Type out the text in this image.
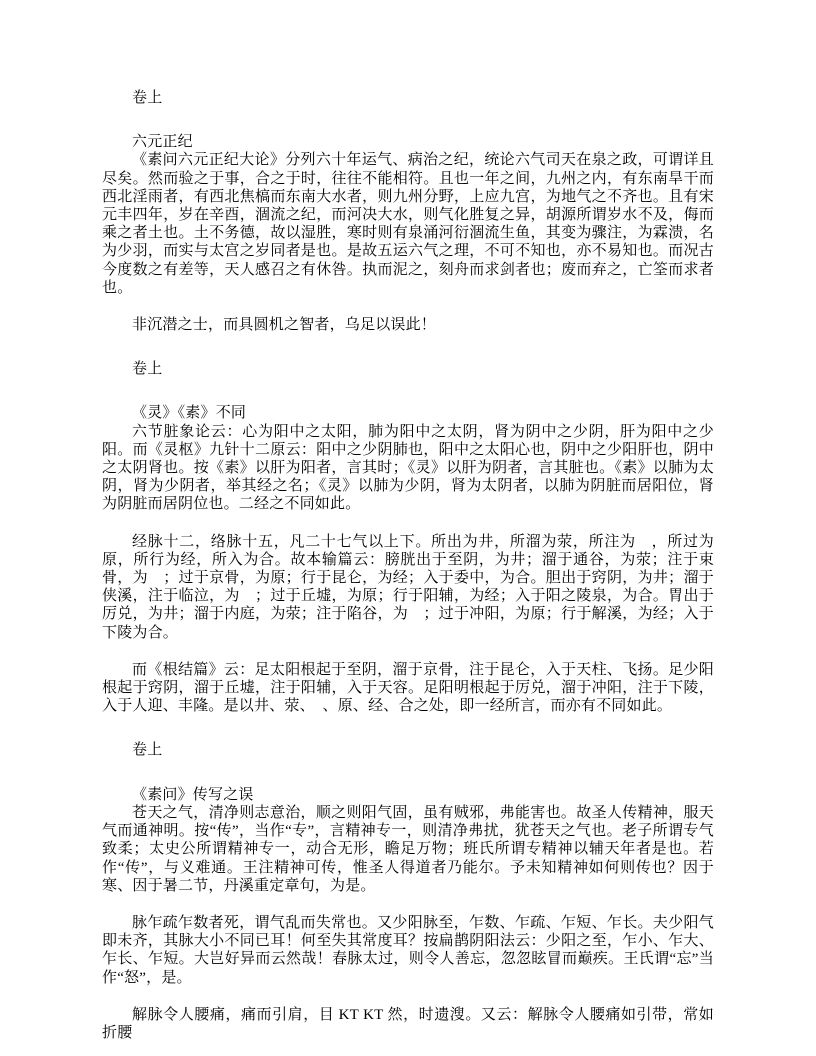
卷上

六元正纪

《素问六元正纪大论》分列六十年运气、病治之纪，统论六气司天在泉之政，可谓详且尽矣。然而验之于事，合之于时，往往不能相符。且也一年之间，九州之内，有东南旱干而西北淫雨者，有西北焦槁而东南大水者，则九州分野，上应九宫，为地气之不齐也。且有宋元丰四年，岁在辛酉，涸流之纪，而河决大水，则气化胜复之异，胡源所谓岁水不及，侮而乘之者土也。土不务德，故以湿胜，寒时则有泉涌河衍涸流生鱼，其变为骤注，为霖溃，名为少羽，而实与太宫之岁同者是也。是故五运六气之理，不可不知也，亦不易知也。而况古今度数之有差等，天人感召之有休咎。执而泥之，刻舟而求剑者也；废而弃之，亡筌而求者也。

非沉潜之士，而具圆机之智者，乌足以误此！

卷上

《灵》《素》不同

六节脏象论云：心为阳中之太阳，肺为阳中之太阴，肾为阴中之少阴，肝为阳中之少阳。而《灵枢》九针十二原云：阳中之少阴肺也，阳中之太阳心也，阴中之少阳肝也，阴中之太阴肾也。按《素》以肝为阳者，言其时；《灵》以肝为阴者，言其脏也。《素》以肺为太阴，肾为少阴者，举其经之名；《灵》以肺为少阴，肾为太阴者，以肺为阴脏而居阳位，肾为阴脏而居阴位也。二经之不同如此。

经脉十二，络脉十五，凡二十七气以上下。所出为井，所溜为荥，所注为　，所过为原，所行为经，所入为合。故本输篇云：膀胱出于至阴，为井；溜于通谷，为荥；注于束骨，为　；过于京骨，为原；行于昆仑，为经；入于委中，为合。胆出于窍阴，为井；溜于侠溪，注于临泣，为　；过于丘墟，为原；行于阳辅，为经；入于阳之陵泉，为合。胃出于厉兑，为井；溜于内庭，为荥；注于陷谷，为　；过于冲阳，为原；行于解溪，为经；入于下陵为合。

而《根结篇》云：足太阳根起于至阴，溜于京骨，注于昆仑，入于天柱、飞扬。足少阳根起于窍阴，溜于丘墟，注于阳辅，入于天容。足阳明根起于厉兑，溜于冲阳，注于下陵，入于人迎、丰隆。是以井、荥、　、原、经、合之处，即一经所言，而亦有不同如此。

卷上

《素问》传写之误

苍天之气，清净则志意治，顺之则阳气固，虽有贼邪，弗能害也。故圣人传精神，服天气而通神明。按“传”，当作“专”，言精神专一，则清净弗扰，犹苍天之气也。老子所谓专气致柔；太史公所谓精神专一，动合无形，瞻足万物；班氏所谓专精神以辅天年者是也。若作“传”，与义难通。王注精神可传，惟圣人得道者乃能尔。予未知精神如何则传也？因于寒、因于暑二节，丹溪重定章句，为是。

脉乍疏乍数者死，谓气乱而失常也。又少阳脉至，乍数、乍疏、乍短、乍长。夫少阳气即未齐，其脉大小不同已耳！何至失其常度耳？按扁鹊阴阳法云：少阳之至，乍小、乍大、乍长、乍短。大岂好异而云然哉！春脉太过，则令人善忘，忽忽眩冒而巅疾。王氏谓“忘”当作“怒”，是。

解脉令人腰痛，痛而引肩，目 KT KT 然，时遗溲。又云：解脉令人腰痛如引带，常如折腰
